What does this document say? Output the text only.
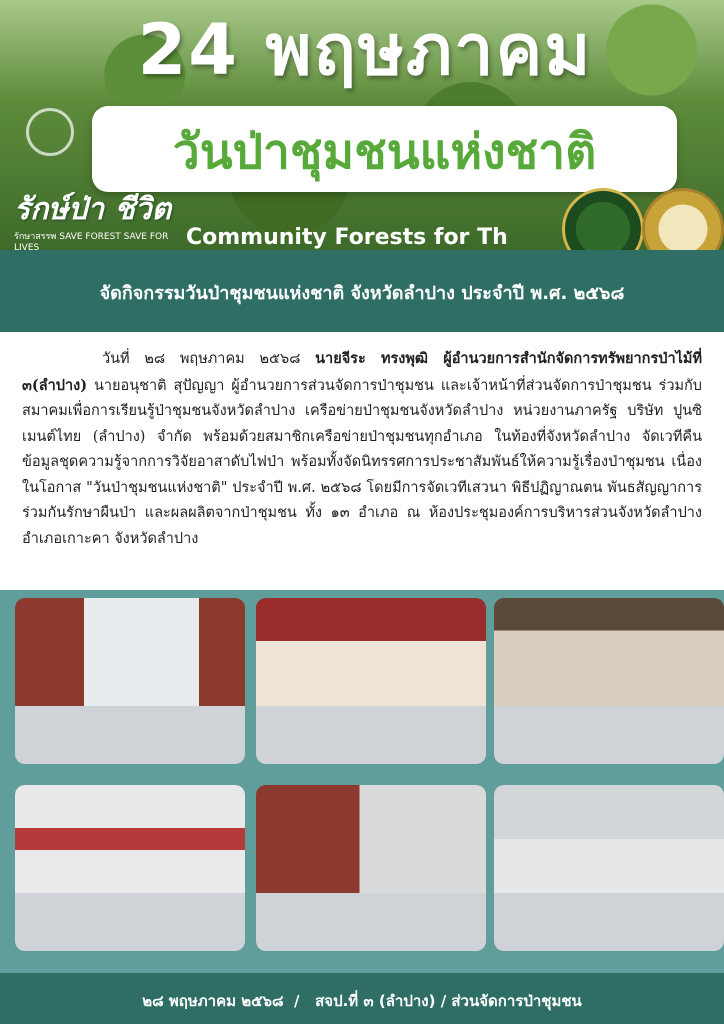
24 พฤษภาคม
วันป่าชุมชนแห่งชาติ
รักษ์ป่า ชีวิต
รักษาสรรพ SAVE FOREST SAVE FOR LIVES	Community Forests for Th
จัดกิจกรรมวันป่าชุมชนแห่งชาติ จังหวัดลำปาง ประจำปี พ.ศ. ๒๕๖๘

วันที่ ๒๘ พฤษภาคม ๒๕๖๘ นายจีระ ทรงพุฒิ ผู้อำนวยการสำนักจัดการทรัพยากรป่าไม้ที่ ๓(ลำปาง) นายอนุชาติ สุปัญญา ผู้อำนวยการส่วนจัดการป่าชุมชน และเจ้าหน้าที่ส่วนจัดการป่าชุมชน ร่วมกับสมาคมเพื่อการเรียนรู้ป่าชุมชนจังหวัดลำปาง เครือข่ายป่าชุมชนจังหวัดลำปาง หน่วยงานภาครัฐ บริษัท ปูนซิเมนต์ไทย (ลำปาง) จำกัด พร้อมด้วยสมาชิกเครือข่ายป่าชุมชนทุกอำเภอ ในท้องที่จังหวัดลำปาง จัดเวทีคืนข้อมูลชุดความรู้จากการวิจัยอาสาดับไฟป่า พร้อมทั้งจัดนิทรรศการประชาสัมพันธ์ให้ความรู้เรื่องป่าชุมชน เนื่องในโอกาส "วันป่าชุมชนแห่งชาติ" ประจำปี พ.ศ. ๒๕๖๘ โดยมีการจัดเวทีเสวนา พิธีปฏิญาณตน พันธสัญญาการร่วมกันรักษาผืนป่า และผลผลิตจากป่าชุมชน ทั้ง ๑๓ อำเภอ ณ ห้องประชุมองค์การบริหารส่วนจังหวัดลำปาง อำเภอเกาะคา จังหวัดลำปาง

๒๘ พฤษภาคม ๒๕๖๘  /   สจป.ที่ ๓ (ลำปาง) / ส่วนจัดการป่าชุมชน
